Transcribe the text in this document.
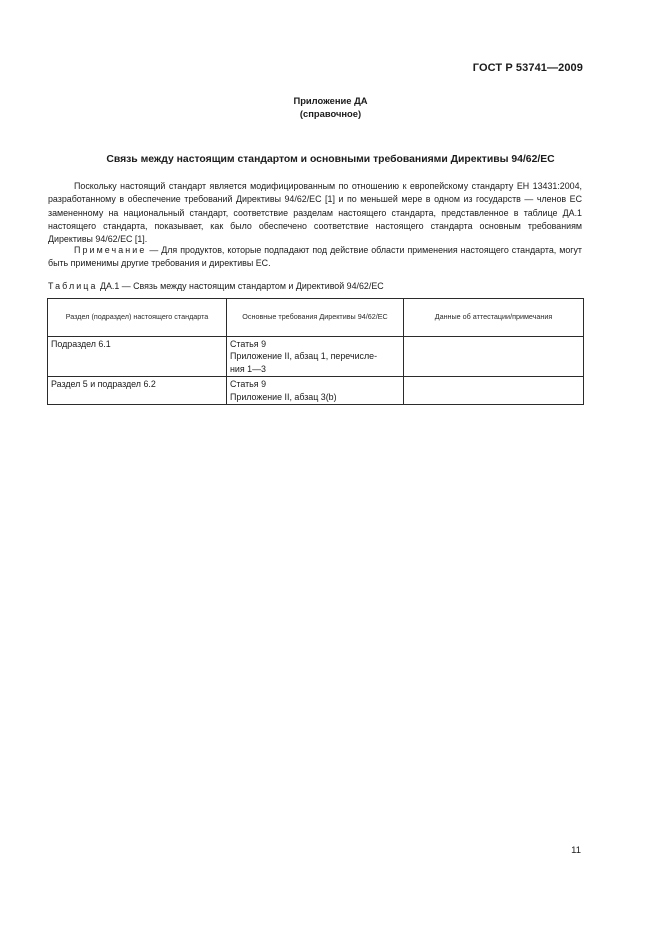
ГОСТ Р 53741—2009
Приложение ДА
(справочное)
Связь между настоящим стандартом и основными требованиями Директивы 94/62/ЕС

Поскольку настоящий стандарт является модифицированным по отношению к европейскому стандарту ЕН 13431:2004, разработанному в обеспечение требований Директивы 94/62/ЕС [1] и по меньшей мере в одном из государств — членов ЕС замененному на национальный стандарт, соответствие разделам настоящего стандарта, представленное в таблице ДА.1 настоящего стандарта, показывает, как было обеспечено соответствие настоящего стандарта основным требованиям Директивы 94/62/ЕС [1].

Примечание — Для продуктов, которые подпадают под действие области применения настоящего стандарта, могут быть применимы другие требования и директивы ЕС.

Таблица ДА.1 — Связь между настоящим стандартом и Директивой 94/62/ЕС
Раздел (подраздел) настоящего стандарта	Основные требования Директивы 94/62/ЕС	Данные об аттестации/примечания
Подраздел 6.1	Статья 9
Приложение II, абзац 1, перечисле-
ния 1—3	

Раздел 5 и подраздел 6.2	Статья 9
Приложение II, абзац 3(b)	

11
